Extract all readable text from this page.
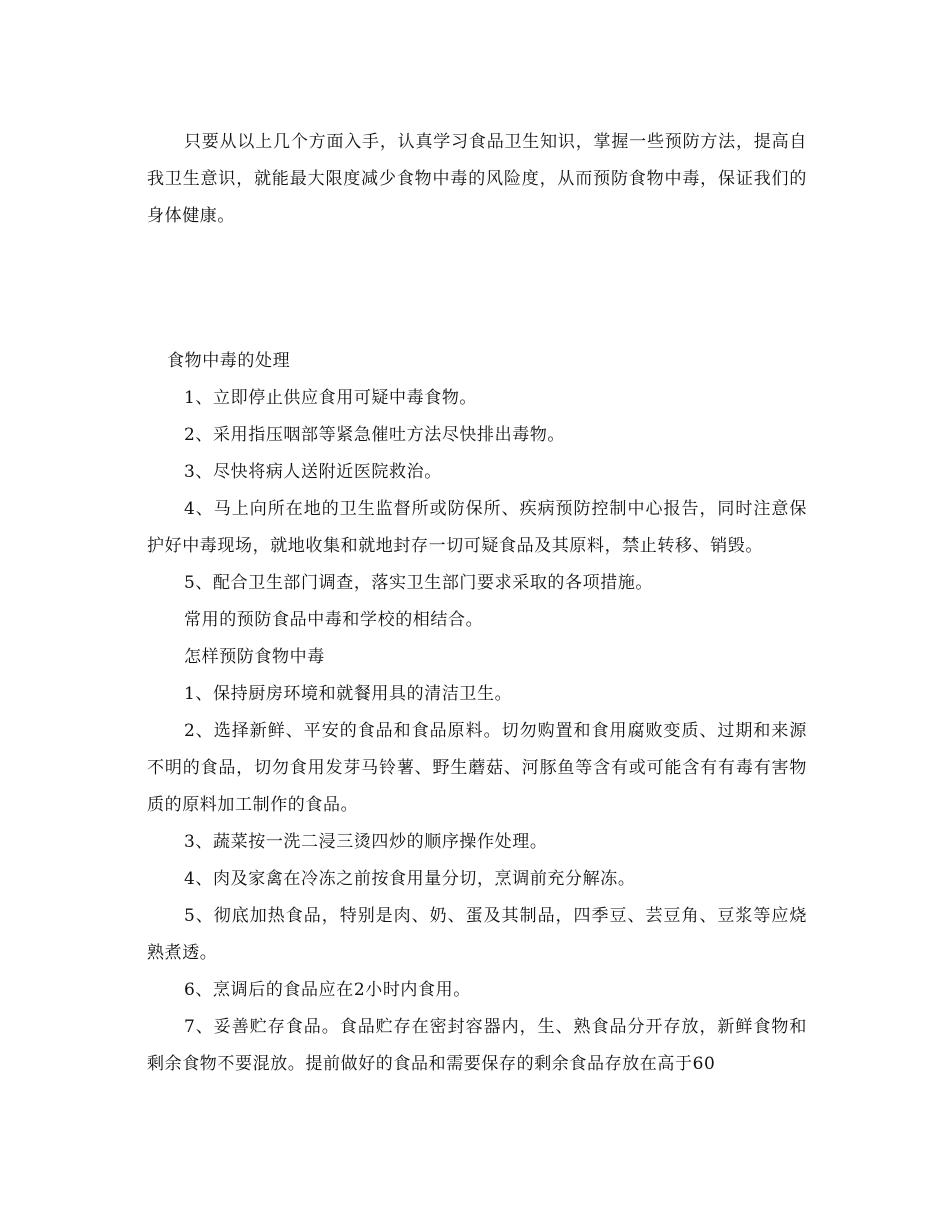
只要从以上几个方面入手，认真学习食品卫生知识，掌握一些预防方法，提高自我卫生意识，就能最大限度减少食物中毒的风险度，从而预防食物中毒，保证我们的身体健康。

食物中毒的处理

1、立即停止供应食用可疑中毒食物。

2、采用指压咽部等紧急催吐方法尽快排出毒物。

3、尽快将病人送附近医院救治。

4、马上向所在地的卫生监督所或防保所、疾病预防控制中心报告，同时注意保护好中毒现场，就地收集和就地封存一切可疑食品及其原料，禁止转移、销毁。

5、配合卫生部门调查，落实卫生部门要求采取的各项措施。

常用的预防食品中毒和学校的相结合。

怎样预防食物中毒

1、保持厨房环境和就餐用具的清洁卫生。

2、选择新鲜、平安的食品和食品原料。切勿购置和食用腐败变质、过期和来源不明的食品，切勿食用发芽马铃薯、野生蘑菇、河豚鱼等含有或可能含有有毒有害物质的原料加工制作的食品。

3、蔬菜按一洗二浸三烫四炒的顺序操作处理。

4、肉及家禽在冷冻之前按食用量分切，烹调前充分解冻。

5、彻底加热食品，特别是肉、奶、蛋及其制品，四季豆、芸豆角、豆浆等应烧熟煮透。

6、烹调后的食品应在2小时内食用。

7、妥善贮存食品。食品贮存在密封容器内，生、熟食品分开存放，新鲜食物和剩余食物不要混放。提前做好的食品和需要保存的剩余食品存放在高于60
